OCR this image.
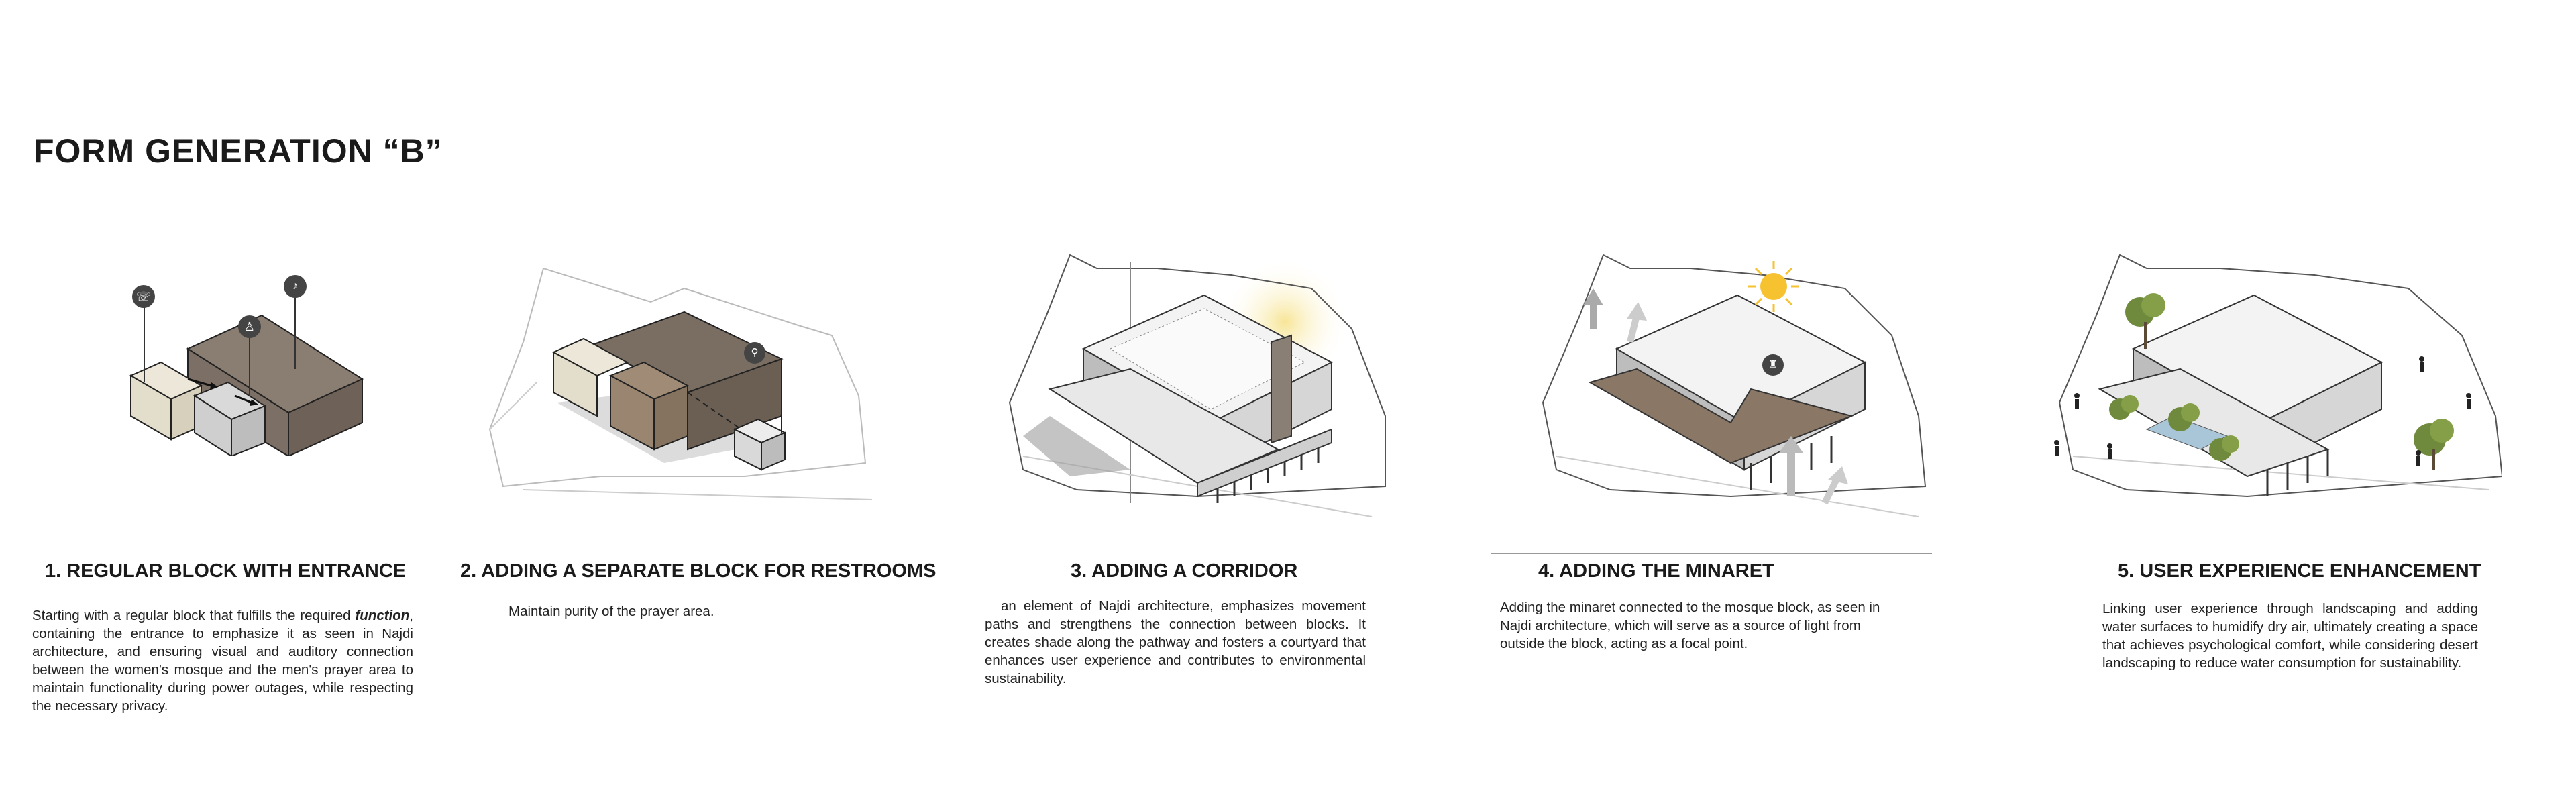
FORM GENERATION “B”
☏
♙
♪
1. REGULAR BLOCK WITH ENTRANCE
Starting with a regular block that fulfills the required function, containing the entrance to emphasize it as seen in Najdi architecture, and ensuring visual and auditory connection between the women's mosque and the men's prayer area to maintain functionality during power outages, while respecting the necessary privacy.
⚲
2. ADDING A SEPARATE BLOCK FOR RESTROOMS
Maintain purity of the prayer area.
3. ADDING A CORRIDOR
an element of Najdi architecture, emphasizes movement paths and strengthens the connection between blocks. It creates shade along the pathway and fosters a courtyard that enhances user experience and contributes to environmental sustainability.
♜
4. ADDING THE MINARET
Adding the minaret connected to the mosque block, as seen in Najdi architecture, which will serve as a source of light from outside the block, acting as a focal point.
5. USER EXPERIENCE ENHANCEMENT
Linking user experience through landscaping and adding water surfaces to humidify dry air, ultimately creating a space that achieves psychological comfort, while considering desert landscaping to reduce water consumption for sustainability.
